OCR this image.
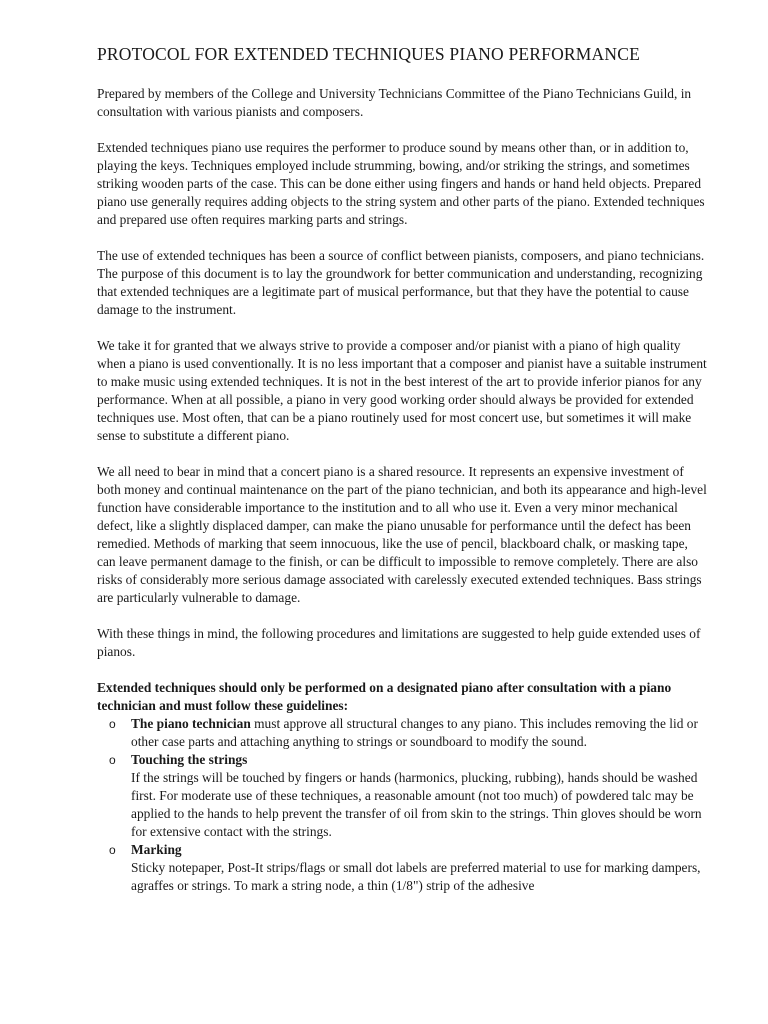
PROTOCOL FOR EXTENDED TECHNIQUES PIANO PERFORMANCE

Prepared by members of the College and University Technicians Committee of the Piano Technicians Guild, in consultation with various pianists and composers.

Extended techniques piano use requires the performer to produce sound by means other than, or in addition to, playing the keys. Techniques employed include strumming, bowing, and/or striking the strings, and sometimes striking wooden parts of the case. This can be done either using fingers and hands or hand held objects. Prepared piano use generally requires adding objects to the string system and other parts of the piano. Extended techniques and prepared use often requires marking parts and strings.

The use of extended techniques has been a source of conflict between pianists, composers, and piano technicians. The purpose of this document is to lay the groundwork for better communication and understanding, recognizing that extended techniques are a legitimate part of musical performance, but that they have the potential to cause damage to the instrument.

We take it for granted that we always strive to provide a composer and/or pianist with a piano of high quality when a piano is used conventionally. It is no less important that a composer and pianist have a suitable instrument to make music using extended techniques. It is not in the best interest of the art to provide inferior pianos for any performance. When at all possible, a piano in very good working order should always be provided for extended techniques use. Most often, that can be a piano routinely used for most concert use, but sometimes it will make sense to substitute a different piano.

We all need to bear in mind that a concert piano is a shared resource. It represents an expensive investment of both money and continual maintenance on the part of the piano technician, and both its appearance and high-level function have considerable importance to the institution and to all who use it. Even a very minor mechanical defect, like a slightly displaced damper, can make the piano unusable for performance until the defect has been remedied. Methods of marking that seem innocuous, like the use of pencil, blackboard chalk, or masking tape, can leave permanent damage to the finish, or can be difficult to impossible to remove completely. There are also risks of considerably more serious damage associated with carelessly executed extended techniques. Bass strings are particularly vulnerable to damage.

With these things in mind, the following procedures and limitations are suggested to help guide extended uses of pianos.

Extended techniques should only be performed on a designated piano after consultation with a piano technician and must follow these guidelines:

o The piano technician must approve all structural changes to any piano. This includes removing the lid or other case parts and attaching anything to strings or soundboard to modify the sound.
o Touching the strings
If the strings will be touched by fingers or hands (harmonics, plucking, rubbing), hands should be washed first. For moderate use of these techniques, a reasonable amount (not too much) of powdered talc may be applied to the hands to help prevent the transfer of oil from skin to the strings. Thin gloves should be worn for extensive contact with the strings.
o Marking
Sticky notepaper, Post-It strips/flags or small dot labels are preferred material to use for marking dampers, agraffes or strings. To mark a string node, a thin (1/8") strip of the adhesive
